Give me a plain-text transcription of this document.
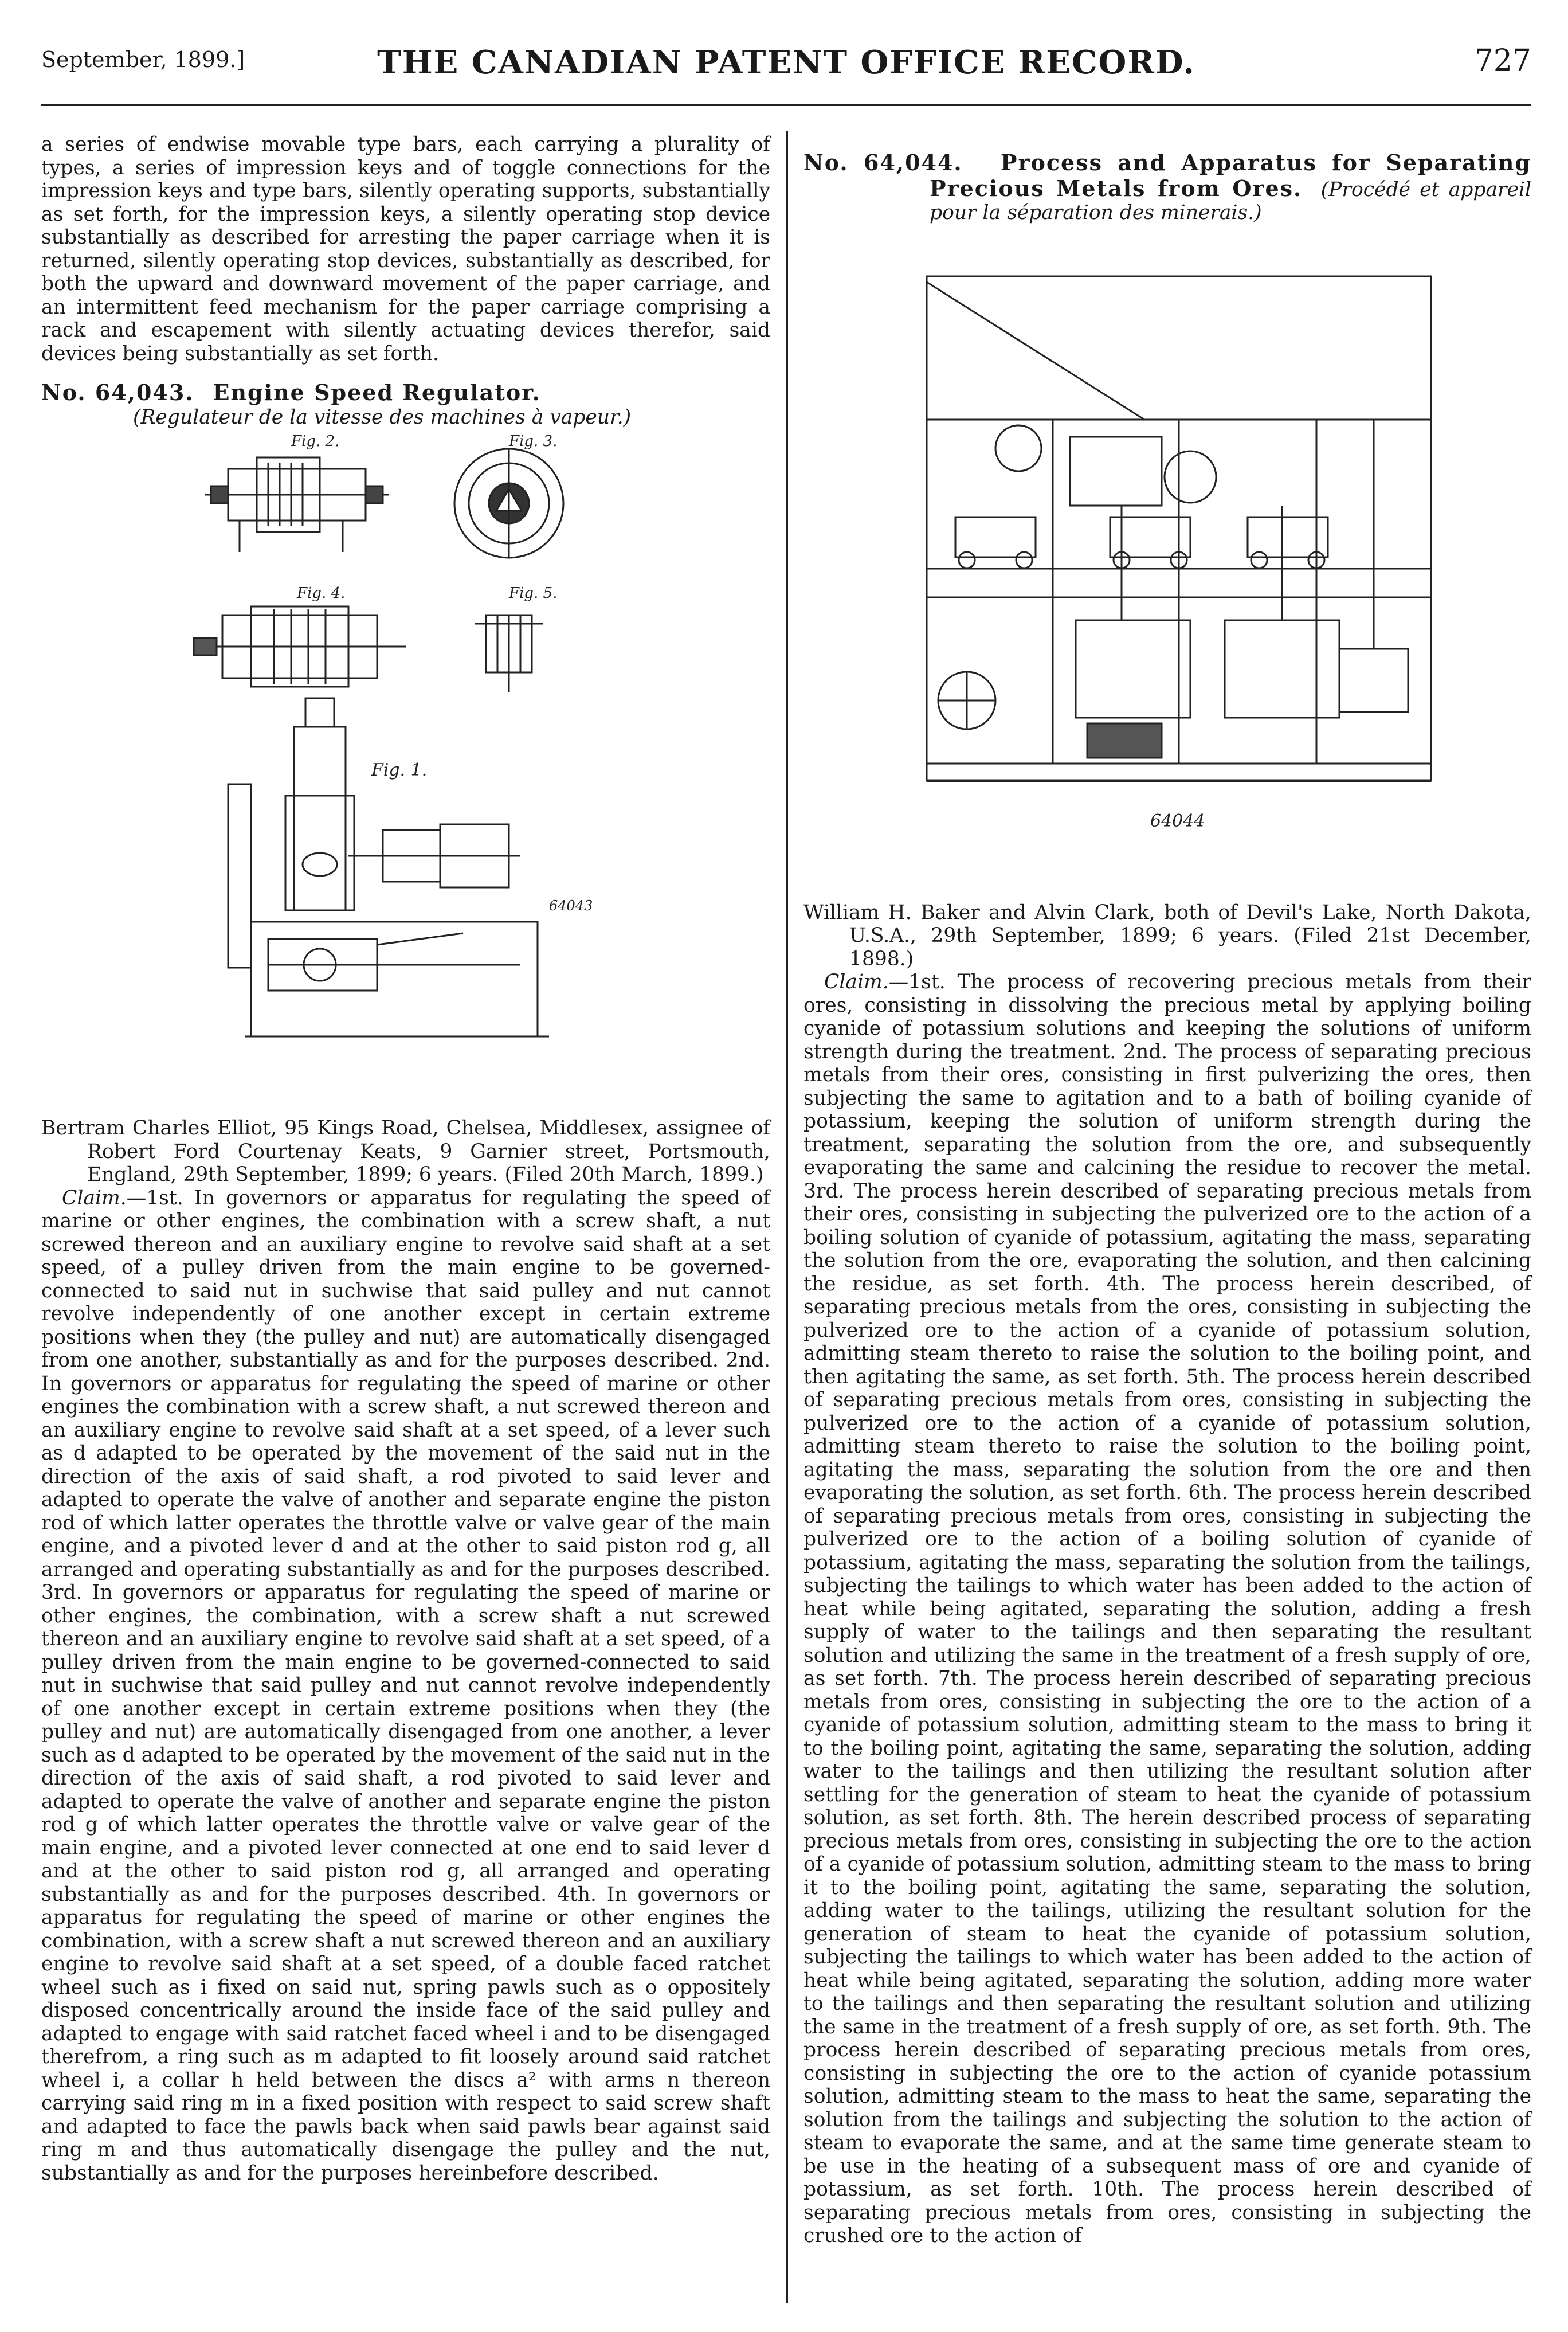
September, 1899.]	THE CANADIAN PATENT OFFICE RECORD.	727

a series of endwise movable type bars, each carrying a plurality of types, a series of impression keys and of toggle connections for the impression keys and type bars, silently operating supports, substantially as set forth, for the impression keys, a silently operating stop device substantially as described for arresting the paper carriage when it is returned, silently operating stop devices, substantially as described, for both the upward and downward movement of the paper carriage, and an intermittent feed mechanism for the paper carriage comprising a rack and escapement with silently actuating devices therefor, said devices being substantially as set forth.

No. 64,043. Engine Speed Regulator.

(Regulateur de la vitesse des machines à vapeur.)

Fig. 2.	Fig. 3.
Fig. 4.	Fig. 5.
Fig. 1.
64043

Bertram Charles Elliot, 95 Kings Road, Chelsea, Middlesex, assignee of Robert Ford Courtenay Keats, 9 Garnier street, Portsmouth, England, 29th September, 1899; 6 years. (Filed 20th March, 1899.)

Claim.—1st. In governors or apparatus for regulating the speed of marine or other engines, the combination with a screw shaft, a nut screwed thereon and an auxiliary engine to revolve said shaft at a set speed, of a pulley driven from the main engine to be governed-connected to said nut in suchwise that said pulley and nut cannot revolve independently of one another except in certain extreme positions when they (the pulley and nut) are automatically disengaged from one another, substantially as and for the purposes described. 2nd. In governors or apparatus for regulating the speed of marine or other engines the combination with a screw shaft, a nut screwed thereon and an auxiliary engine to revolve said shaft at a set speed, of a lever such as d adapted to be operated by the movement of the said nut in the direction of the axis of said shaft, a rod pivoted to said lever and adapted to operate the valve of another and separate engine the piston rod of which latter operates the throttle valve or valve gear of the main engine, and a pivoted lever d and at the other to said piston rod g, all arranged and operating substantially as and for the purposes described. 3rd. In governors or apparatus for regulating the speed of marine or other engines, the combination, with a screw shaft a nut screwed thereon and an auxiliary engine to revolve said shaft at a set speed, of a pulley driven from the main engine to be governed-connected to said nut in suchwise that said pulley and nut cannot revolve independently of one another except in certain extreme positions when they (the pulley and nut) are automatically disengaged from one another, a lever such as d adapted to be operated by the movement of the said nut in the direction of the axis of said shaft, a rod pivoted to said lever and adapted to operate the valve of another and separate engine the piston rod g of which latter operates the throttle valve or valve gear of the main engine, and a pivoted lever connected at one end to said lever d and at the other to said piston rod g, all arranged and operating substantially as and for the purposes described. 4th. In governors or apparatus for regulating the speed of marine or other engines the combination, with a screw shaft a nut screwed thereon and an auxiliary engine to revolve said shaft at a set speed, of a double faced ratchet wheel such as i fixed on said nut, spring pawls such as o oppositely disposed concentrically around the inside face of the said pulley and adapted to engage with said ratchet faced wheel i and to be disengaged therefrom, a ring such as m adapted to fit loosely around said ratchet wheel i, a collar h held between the discs a² with arms n thereon carrying said ring m in a fixed position with respect to said screw shaft and adapted to face the pawls back when said pawls bear against said ring m and thus automatically disengage the pulley and the nut, substantially as and for the purposes hereinbefore described.

No. 64,044. Process and Apparatus for Separating Precious Metals from Ores. (Procédé et appareil pour la séparation des minerais.)

64044

William H. Baker and Alvin Clark, both of Devil's Lake, North Dakota, U.S.A., 29th September, 1899; 6 years. (Filed 21st December, 1898.)

Claim.—1st. The process of recovering precious metals from their ores, consisting in dissolving the precious metal by applying boiling cyanide of potassium solutions and keeping the solutions of uniform strength during the treatment. 2nd. The process of separating precious metals from their ores, consisting in first pulverizing the ores, then subjecting the same to agitation and to a bath of boiling cyanide of potassium, keeping the solution of uniform strength during the treatment, separating the solution from the ore, and subsequently evaporating the same and calcining the residue to recover the metal. 3rd. The process herein described of separating precious metals from their ores, consisting in subjecting the pulverized ore to the action of a boiling solution of cyanide of potassium, agitating the mass, separating the solution from the ore, evaporating the solution, and then calcining the residue, as set forth. 4th. The process herein described, of separating precious metals from the ores, consisting in subjecting the pulverized ore to the action of a cyanide of potassium solution, admitting steam thereto to raise the solution to the boiling point, and then agitating the same, as set forth. 5th. The process herein described of separating precious metals from ores, consisting in subjecting the pulverized ore to the action of a cyanide of potassium solution, admitting steam thereto to raise the solution to the boiling point, agitating the mass, separating the solution from the ore and then evaporating the solution, as set forth. 6th. The process herein described of separating precious metals from ores, consisting in subjecting the pulverized ore to the action of a boiling solution of cyanide of potassium, agitating the mass, separating the solution from the tailings, subjecting the tailings to which water has been added to the action of heat while being agitated, separating the solution, adding a fresh supply of water to the tailings and then separating the resultant solution and utilizing the same in the treatment of a fresh supply of ore, as set forth. 7th. The process herein described of separating precious metals from ores, consisting in subjecting the ore to the action of a cyanide of potassium solution, admitting steam to the mass to bring it to the boiling point, agitating the same, separating the solution, adding water to the tailings and then utilizing the resultant solution after settling for the generation of steam to heat the cyanide of potassium solution, as set forth. 8th. The herein described process of separating precious metals from ores, consisting in subjecting the ore to the action of a cyanide of potassium solution, admitting steam to the mass to bring it to the boiling point, agitating the same, separating the solution, adding water to the tailings, utilizing the resultant solution for the generation of steam to heat the cyanide of potassium solution, subjecting the tailings to which water has been added to the action of heat while being agitated, separating the solution, adding more water to the tailings and then separating the resultant solution and utilizing the same in the treatment of a fresh supply of ore, as set forth. 9th. The process herein described of separating precious metals from ores, consisting in subjecting the ore to the action of cyanide potassium solution, admitting steam to the mass to heat the same, separating the solution from the tailings and subjecting the solution to the action of steam to evaporate the same, and at the same time generate steam to be use in the heating of a subsequent mass of ore and cyanide of potassium, as set forth. 10th. The process herein described of separating precious metals from ores, consisting in subjecting the crushed ore to the action of
